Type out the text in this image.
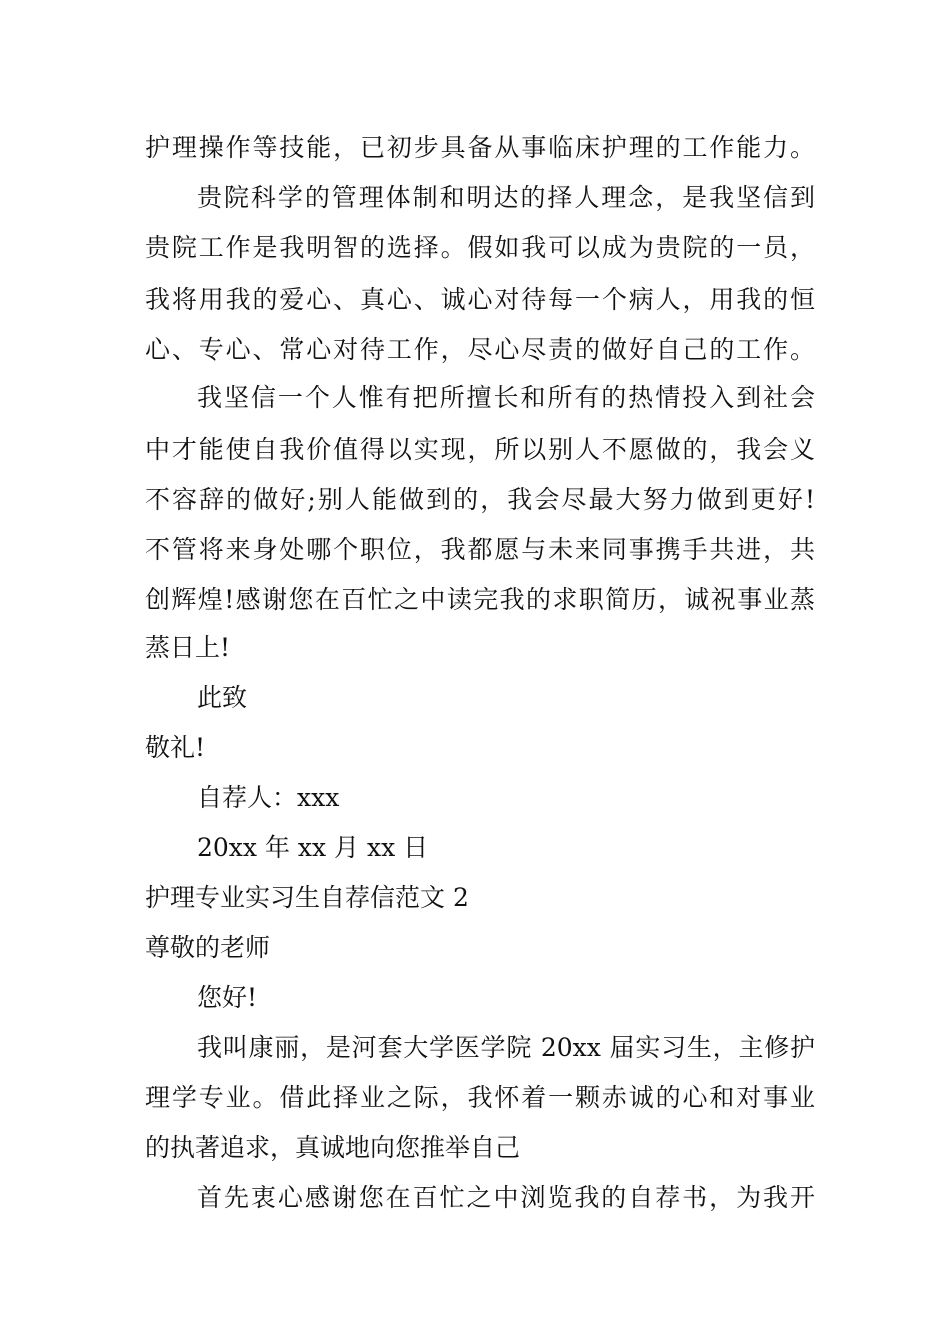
护理操作等技能，已初步具备从事临床护理的工作能力。
贵院科学的管理体制和明达的择人理念，是我坚信到
贵院工作是我明智的选择。假如我可以成为贵院的一员，
我将用我的爱心、真心、诚心对待每一个病人，用我的恒
心、专心、常心对待工作，尽心尽责的做好自己的工作。
我坚信一个人惟有把所擅长和所有的热情投入到社会
中才能使自我价值得以实现，所以别人不愿做的，我会义
不容辞的做好;别人能做到的，我会尽最大努力做到更好!
不管将来身处哪个职位，我都愿与未来同事携手共进，共
创辉煌!感谢您在百忙之中读完我的求职简历，诚祝事业蒸
蒸日上!
此致
敬礼!
自荐人：xxx
20xx 年 xx 月 xx 日
护理专业实习生自荐信范文 2
尊敬的老师
您好!
我叫康丽，是河套大学医学院 20xx 届实习生，主修护
理学专业。借此择业之际，我怀着一颗赤诚的心和对事业
的执著追求，真诚地向您推举自己
首先衷心感谢您在百忙之中浏览我的自荐书，为我开
